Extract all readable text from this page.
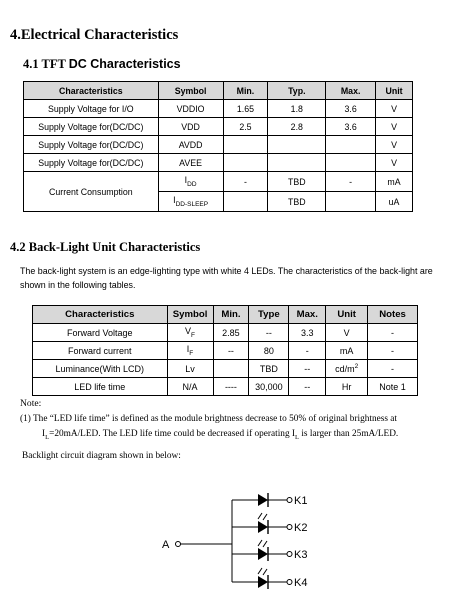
4.Electrical Characteristics
4.1 TFT DC Characteristics
Characteristics	Symbol	Min.	Typ.	Max.	Unit
Supply Voltage for I/O	VDDIO	1.65	1.8	3.6	V
Supply Voltage for(DC/DC)	VDD	2.5	2.8	3.6	V
Supply Voltage for(DC/DC)	AVDD				V
Supply Voltage for(DC/DC)	AVEE				V
Current Consumption	$I_{DD}$	-	TBD	-	mA
	$I_{DD-SLEEP}$		TBD		uA
4.2 Back-Light Unit Characteristics
The back-light system is an edge-lighting type with white 4 LEDs. The characteristics of the back-light are shown in the following tables.
Characteristics	Symbol	Min.	Type	Max.	Unit	Notes
Forward Voltage	$V_F$	2.85	--	3.3	V	-
Forward current	$I_F$	--	80	-	mA	-
Luminance(With LCD)	Lv		TBD	--	$cd/m^2$	-
LED life time	N/A	----	30,000	--	Hr	Note 1
Note:
(1) The “LED life time” is defined as the module brightness decrease to 50% of original brightness at
$I_L=20mA$/LED. The LED life time could be decreased if operating $I_L$ is larger than 25mA/LED.
Backlight circuit diagram shown in below:
A
K1
K2
K3
K4
